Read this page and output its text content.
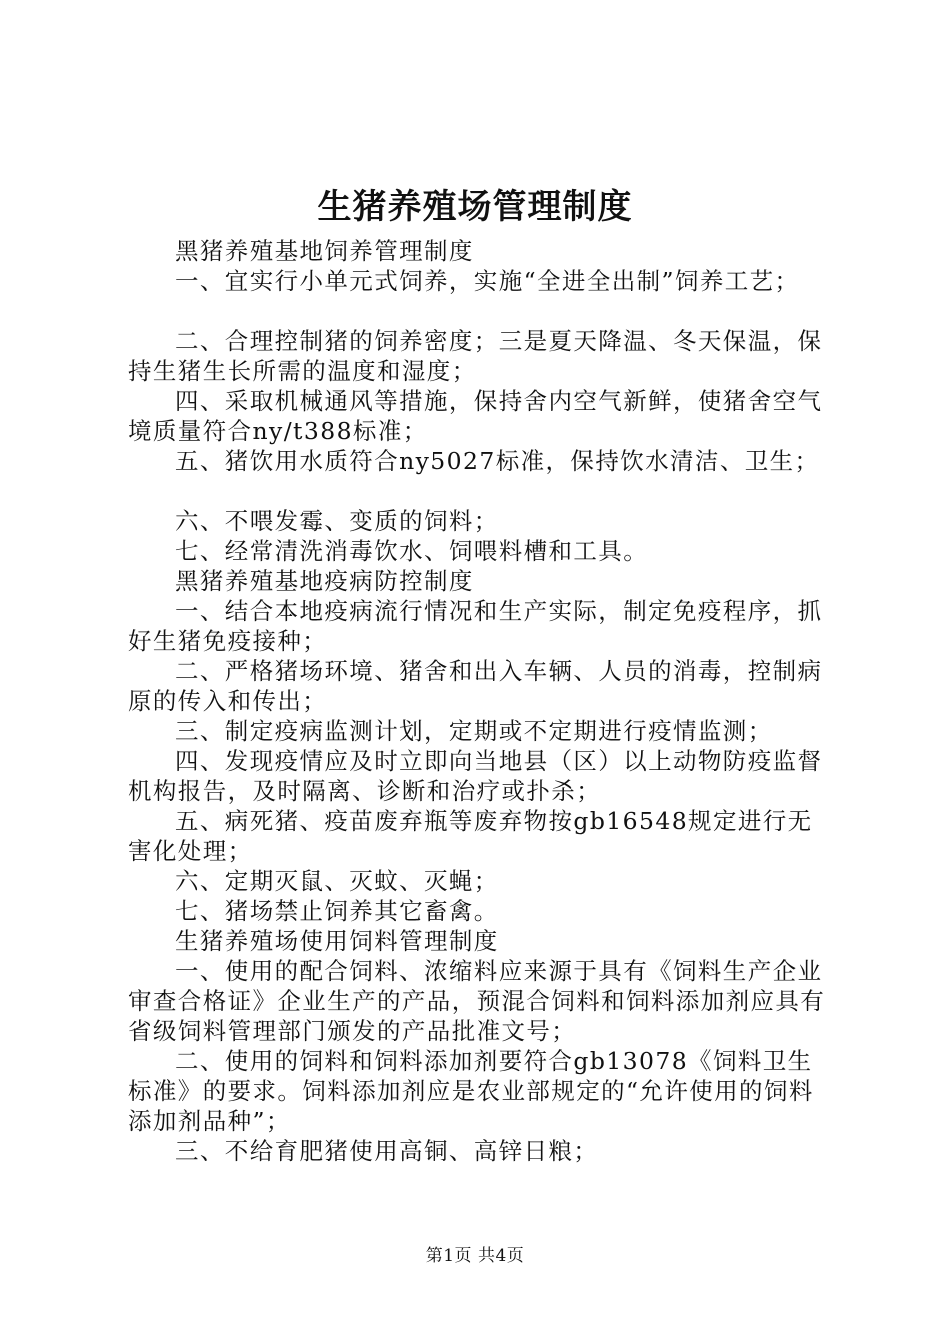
生猪养殖场管理制度

黑猪养殖基地饲养管理制度

一、宜实行小单元式饲养，实施“全进全出制”饲养工艺；

二、合理控制猪的饲养密度；三是夏天降温、冬天保温，保持生猪生长所需的温度和湿度；

四、采取机械通风等措施，保持舍内空气新鲜，使猪舍空气境质量符合ny/t388标准；

五、猪饮用水质符合ny5027标准，保持饮水清洁、卫生；

六、不喂发霉、变质的饲料；

七、经常清洗消毒饮水、饲喂料槽和工具。

黑猪养殖基地疫病防控制度

一、结合本地疫病流行情况和生产实际，制定免疫程序，抓好生猪免疫接种；

二、严格猪场环境、猪舍和出入车辆、人员的消毒，控制病原的传入和传出；

三、制定疫病监测计划，定期或不定期进行疫情监测；

四、发现疫情应及时立即向当地县（区）以上动物防疫监督机构报告，及时隔离、诊断和治疗或扑杀；

五、病死猪、疫苗废弃瓶等废弃物按gb16548规定进行无害化处理；

六、定期灭鼠、灭蚊、灭蝇；

七、猪场禁止饲养其它畜禽。

生猪养殖场使用饲料管理制度

一、使用的配合饲料、浓缩料应来源于具有《饲料生产企业审查合格证》企业生产的产品，预混合饲料和饲料添加剂应具有省级饲料管理部门颁发的产品批准文号；

二、使用的饲料和饲料添加剂要符合gb13078《饲料卫生标准》的要求。饲料添加剂应是农业部规定的“允许使用的饲料添加剂品种”；

三、不给育肥猪使用高铜、高锌日粮；

第1页 共4页
